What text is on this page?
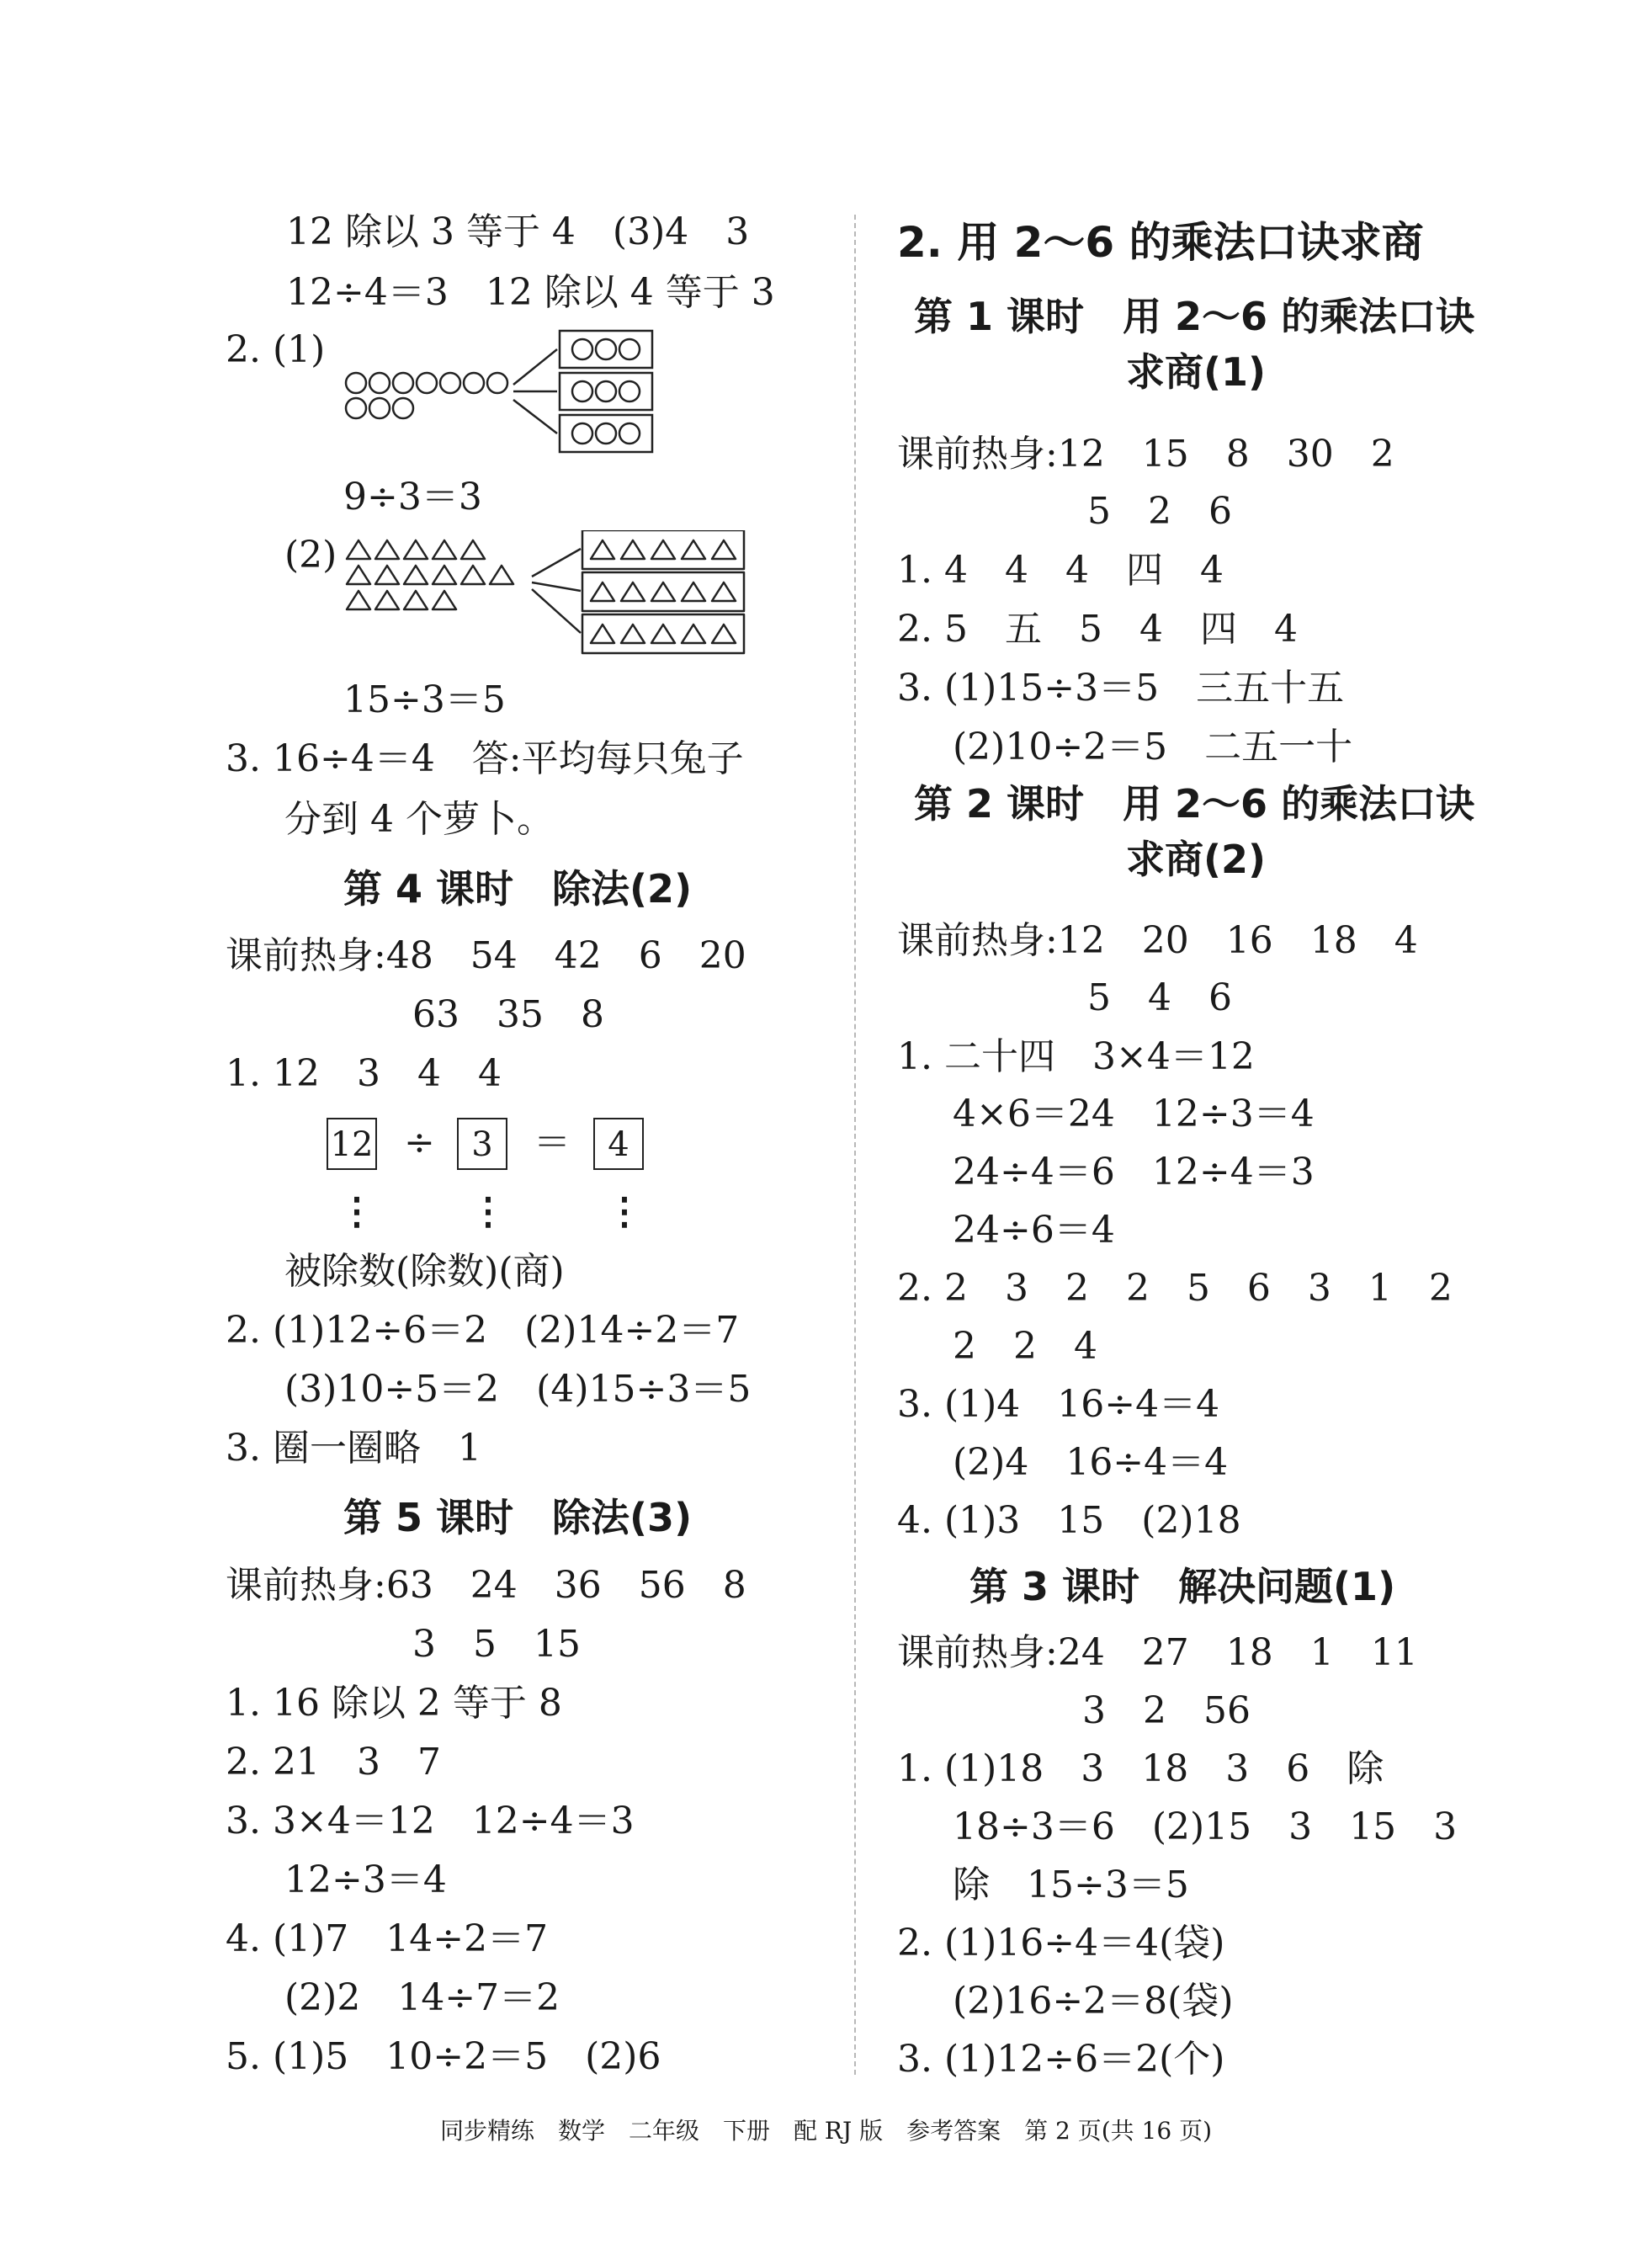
12 除以 3 等于 4　(3)4　3
12÷4＝3　12 除以 4 等于 3
2. (1)
9÷3＝3
(2)
15÷3＝5
3. 16÷4＝4　答:平均每只兔子
分到 4 个萝卜。
第 4 课时　除法(2)
课前热身:48　54　42　6　20
63　35　8
1. 12　3　4　4
12 ÷	3	＝	4
⋮	⋮	⋮
被除数(除数)(商)
2. (1)12÷6＝2　(2)14÷2＝7
(3)10÷5＝2　(4)15÷3＝5
3. 圈一圈略　1
第 5 课时　除法(3)
课前热身:63　24　36　56　8
3　5　15
1. 16 除以 2 等于 8
2. 21　3　7
3. 3×4＝12　12÷4＝3
12÷3＝4
4. (1)7　14÷2＝7
(2)2　14÷7＝2
5. (1)5　10÷2＝5　(2)6
2. 用 2～6 的乘法口诀求商
第 1 课时　用 2～6 的乘法口诀
求商(1)
课前热身:12　15　8　30　2
5　2　6
1. 4　4　4　四　4
2. 5　五　5　4　四　4
3. (1)15÷3＝5　三五十五
(2)10÷2＝5　二五一十
第 2 课时　用 2～6 的乘法口诀
求商(2)
课前热身:12　20　16　18　4
5　4　6
1. 二十四　3×4＝12
4×6＝24　12÷3＝4
24÷4＝6　12÷4＝3
24÷6＝4
2. 2　3　2　2　5　6　3　1　2
2　2　4
3. (1)4　16÷4＝4
(2)4　16÷4＝4
4. (1)3　15　(2)18
第 3 课时　解决问题(1)
课前热身:24　27　18　1　11
3　2　56
1. (1)18　3　18　3　6　除
18÷3＝6　(2)15　3　15　3
除　15÷3＝5
2. (1)16÷4＝4(袋)
(2)16÷2＝8(袋)
3. (1)12÷6＝2(个)
同步精练　数学　二年级　下册　配 RJ 版　参考答案　第 2 页(共 16 页)
